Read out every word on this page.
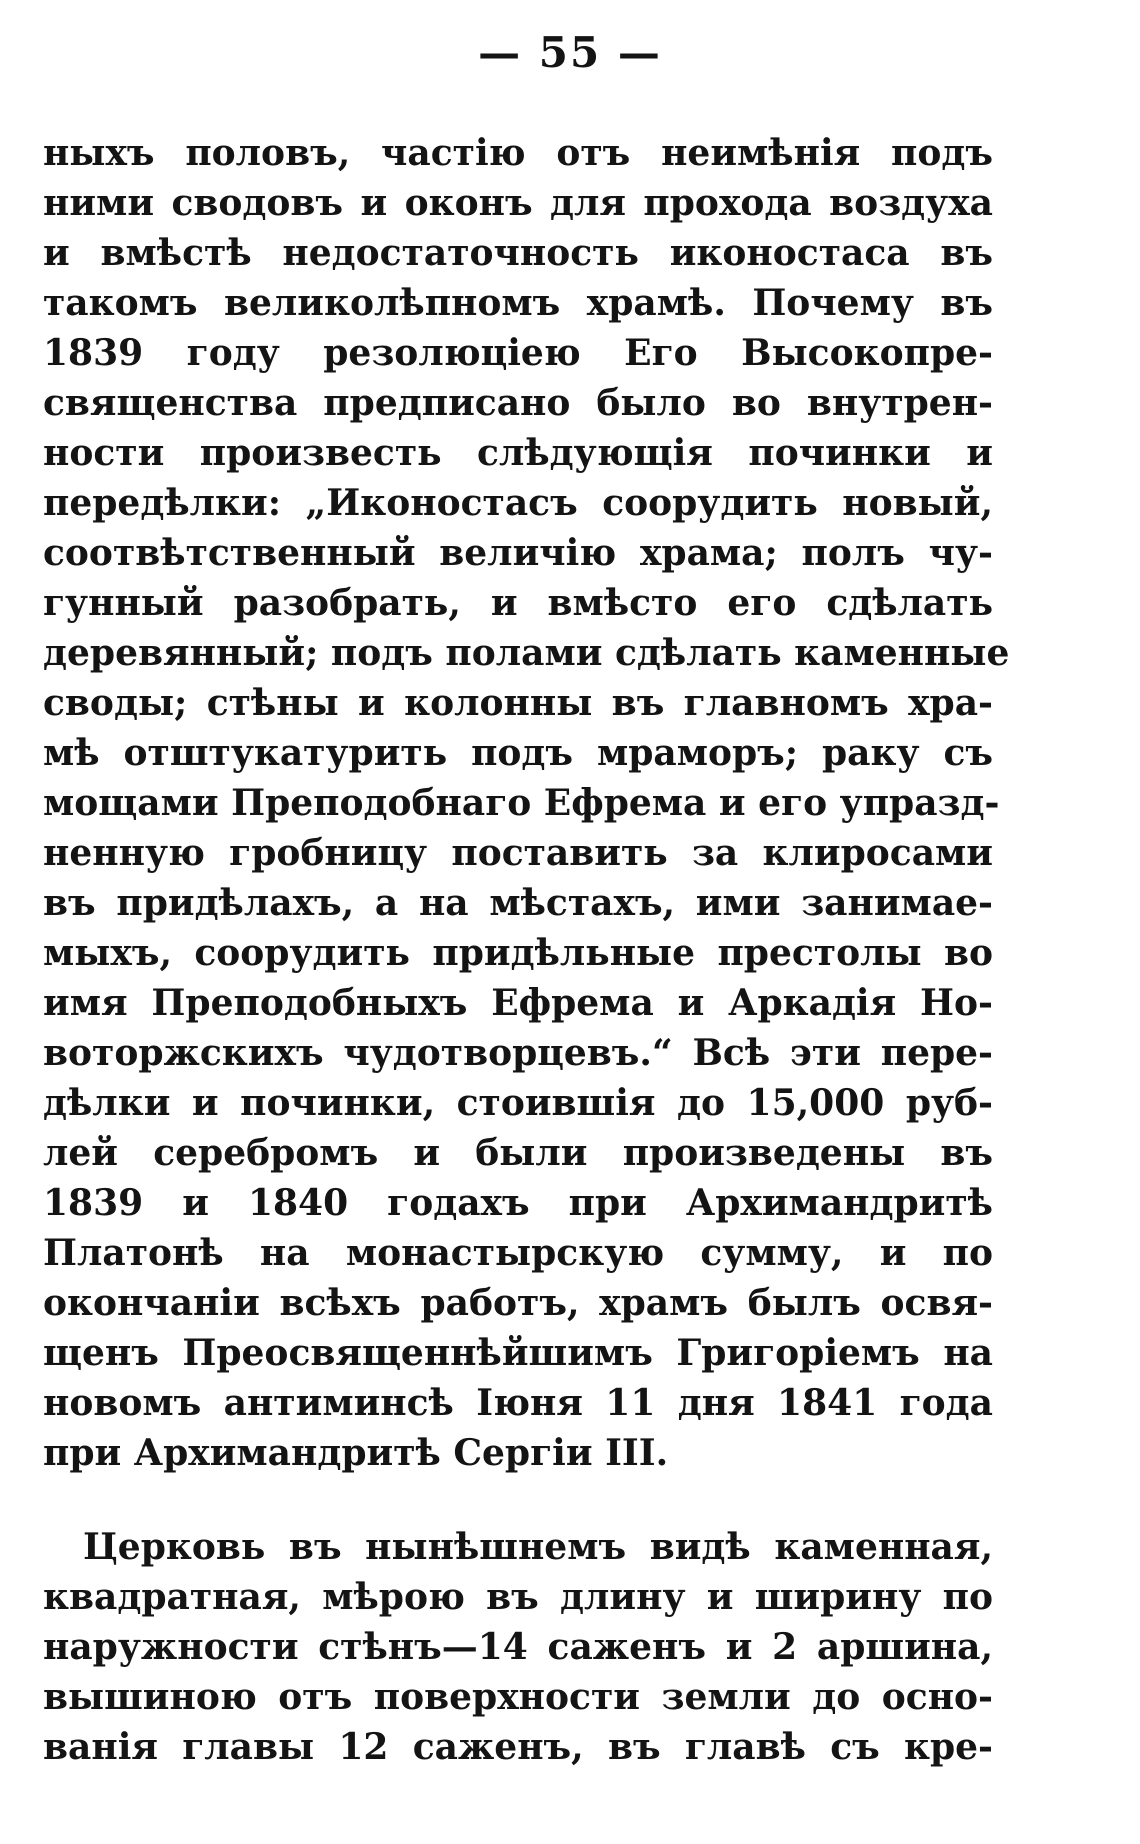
— 55 —
ныхъ половъ, частію отъ неимѣнія подъ
ними сводовъ и оконъ для прохода воздуха
и вмѣстѣ недостаточность иконостаса въ
такомъ великолѣпномъ храмѣ. Почему въ
1839 году резолюціею Его Высокопре-
священства предписано было во внутрен-
ности произвесть слѣдующія починки и
передѣлки: „Иконостасъ соорудить новый,
соотвѣтственный величію храма; полъ чу-
гунный разобрать, и вмѣсто его сдѣлать
деревянный; подъ полами сдѣлать каменные
своды; стѣны и колонны въ главномъ хра-
мѣ отштукатурить подъ мраморъ; раку съ
мощами Преподобнаго Ефрема и его упразд-
ненную гробницу поставить за клиросами
въ придѣлахъ, а на мѣстахъ, ими занимае-
мыхъ, соорудить придѣльные престолы во
имя Преподобныхъ Ефрема и Аркадія Но-
воторжскихъ чудотворцевъ.“ Всѣ эти пере-
дѣлки и починки, стоившія до 15,000 руб-
лей серебромъ и были произведены въ
1839 и 1840 годахъ при Архимандритѣ
Платонѣ на монастырскую сумму, и по
окончаніи всѣхъ работъ, храмъ былъ освя-
щенъ Преосвященнѣйшимъ Григоріемъ на
новомъ антиминсѣ Іюня 11 дня 1841 года
при Архимандритѣ Сергіи III.
Церковь въ нынѣшнемъ видѣ каменная,
квадратная, мѣрою въ длину и ширину по
наружности стѣнъ—14 саженъ и 2 аршина,
вышиною отъ поверхности земли до осно-
ванія главы 12 саженъ, въ главѣ съ кре-
